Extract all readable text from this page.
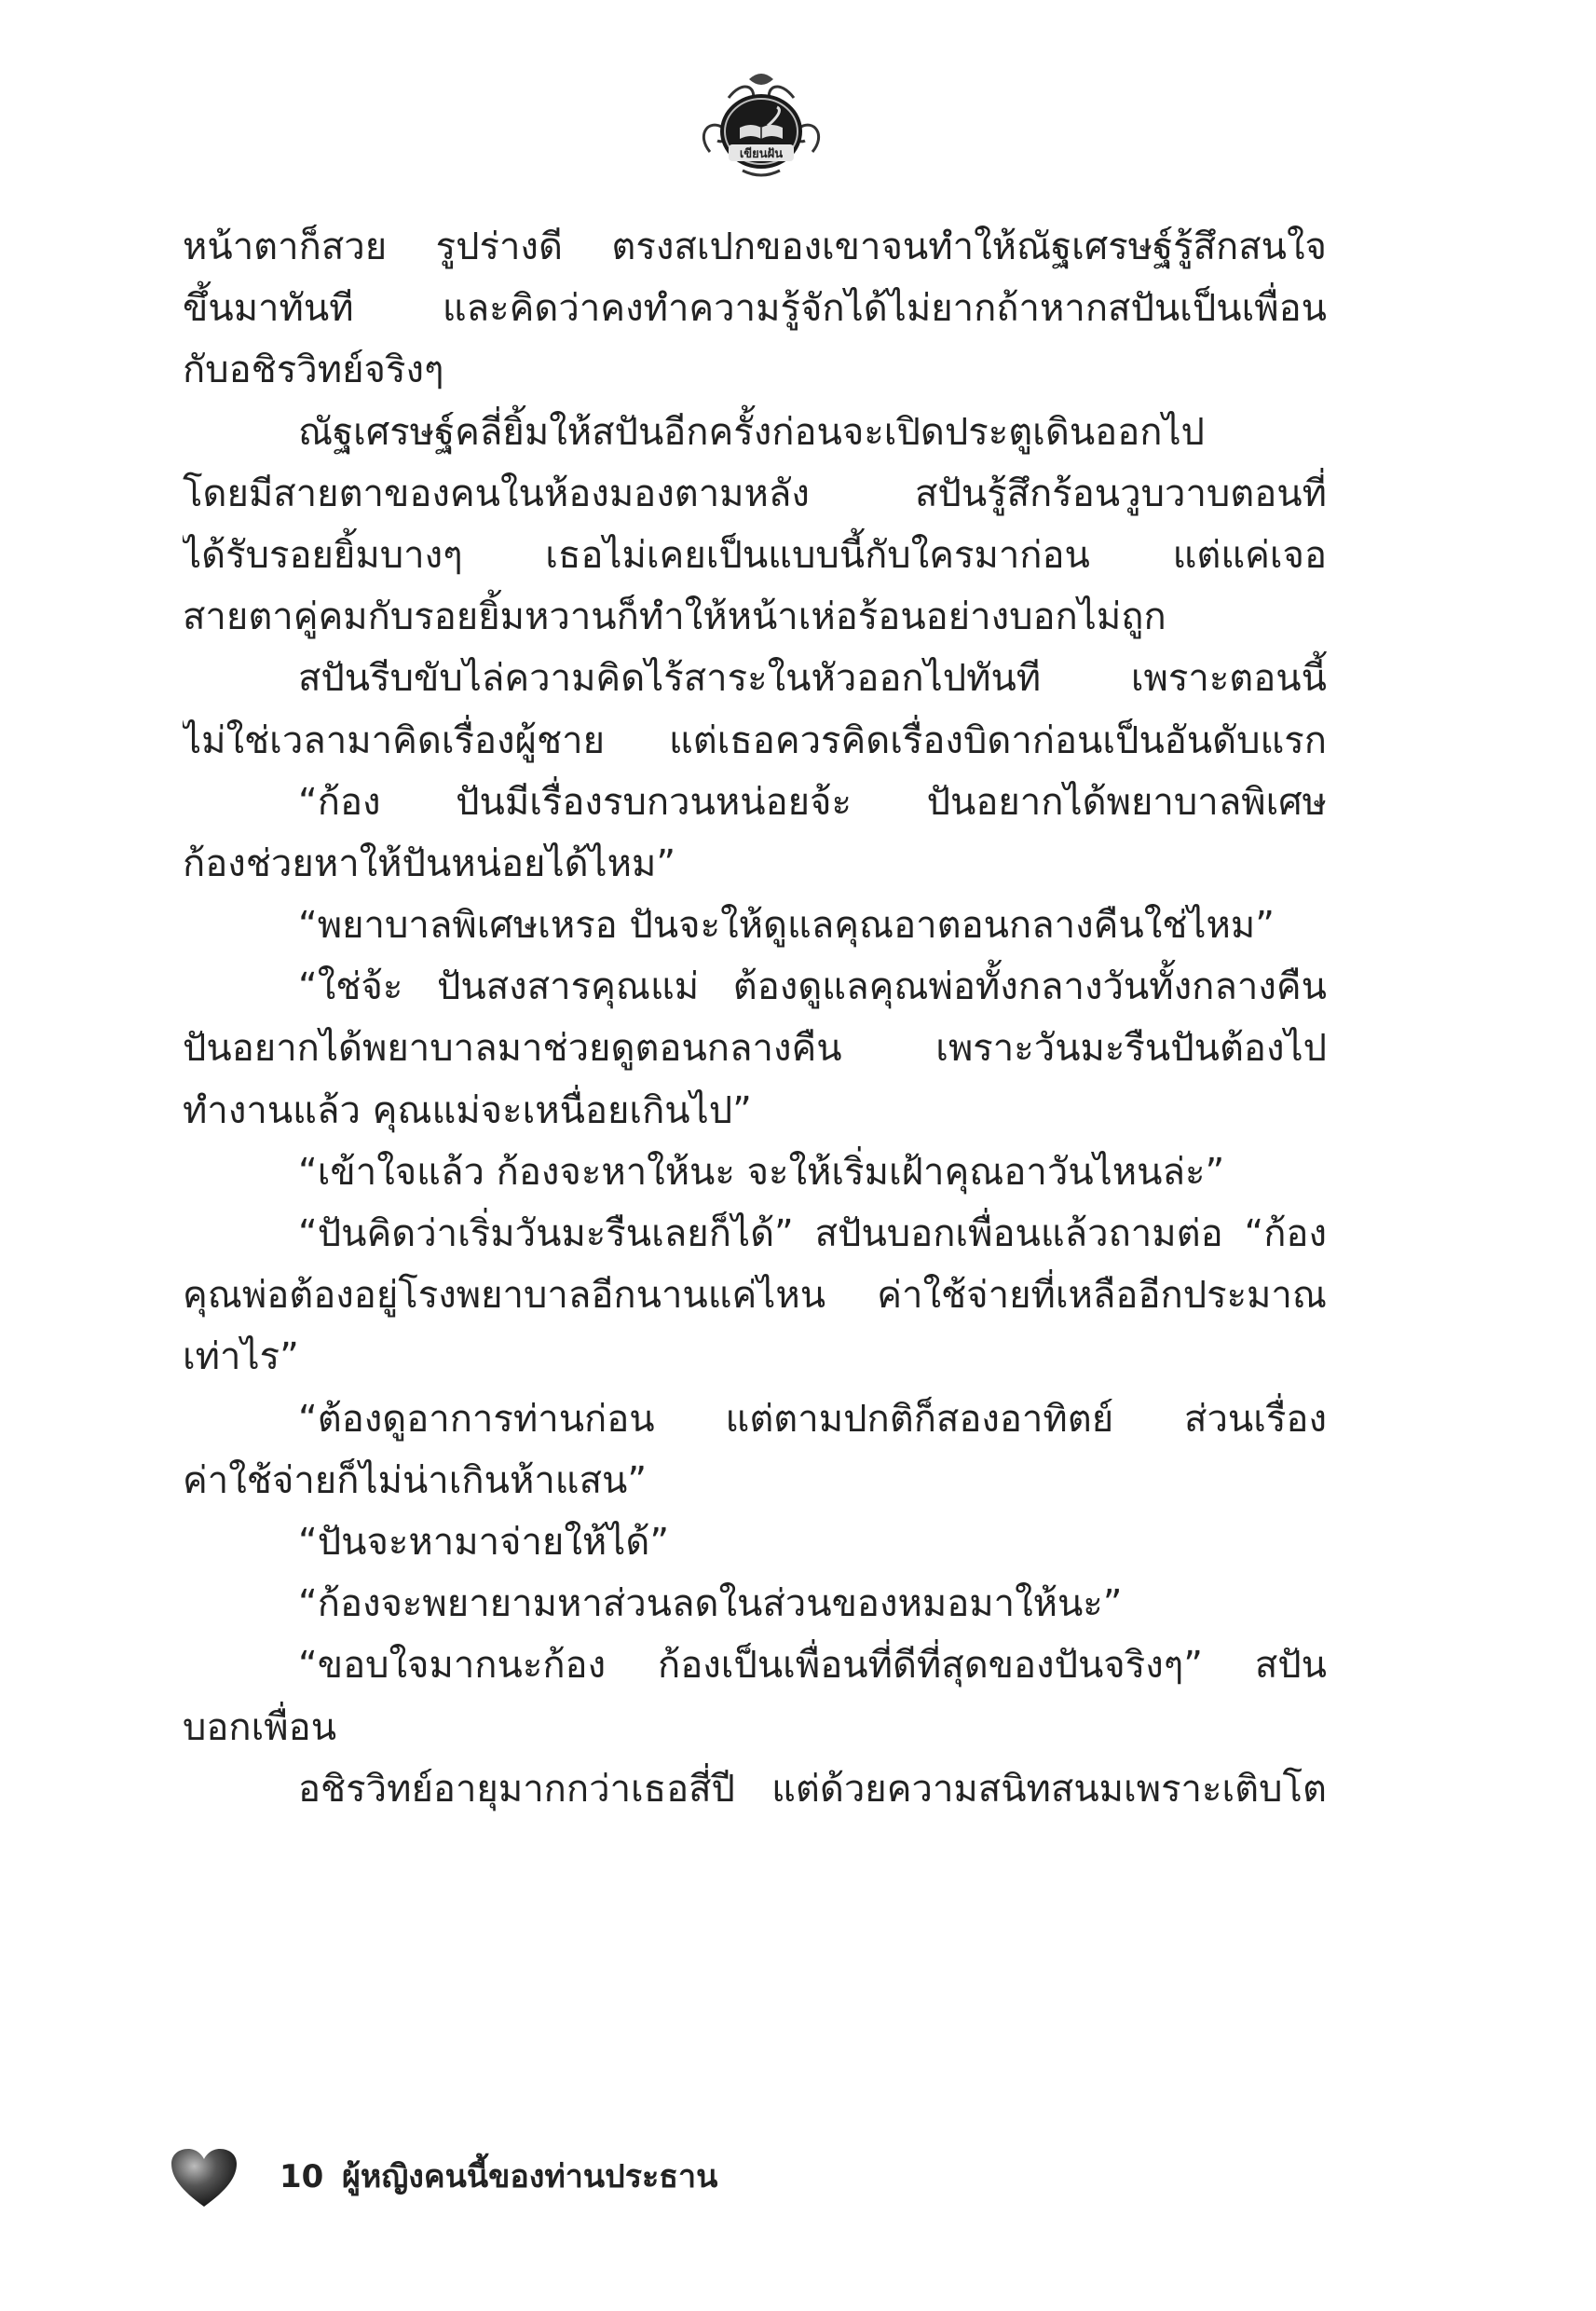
เขียนฝัน
หน้าตาก็สวย รูปร่างดี ตรงสเปกของเขาจนทำให้ณัฐเศรษฐ์รู้สึกสนใจ
ขึ้นมาทันที และคิดว่าคงทำความรู้จักได้ไม่ยากถ้าหากสปันเป็นเพื่อน
กับอชิรวิทย์จริงๆ
ณัฐเศรษฐ์คลี่ยิ้มให้สปันอีกครั้งก่อนจะเปิดประตูเดินออกไป
โดยมีสายตาของคนในห้องมองตามหลัง สปันรู้สึกร้อนวูบวาบตอนที่
ได้รับรอยยิ้มบางๆ เธอไม่เคยเป็นแบบนี้กับใครมาก่อน แต่แค่เจอ
สายตาคู่คมกับรอยยิ้มหวานก็ทำให้หน้าเห่อร้อนอย่างบอกไม่ถูก
สปันรีบขับไล่ความคิดไร้สาระในหัวออกไปทันที เพราะตอนนี้
ไม่ใช่เวลามาคิดเรื่องผู้ชาย แต่เธอควรคิดเรื่องบิดาก่อนเป็นอันดับแรก
“ก้อง ปันมีเรื่องรบกวนหน่อยจ้ะ ปันอยากได้พยาบาลพิเศษ
ก้องช่วยหาให้ปันหน่อยได้ไหม”
“พยาบาลพิเศษเหรอ ปันจะให้ดูแลคุณอาตอนกลางคืนใช่ไหม”
“ใช่จ้ะ ปันสงสารคุณแม่ ต้องดูแลคุณพ่อทั้งกลางวันทั้งกลางคืน
ปันอยากได้พยาบาลมาช่วยดูตอนกลางคืน เพราะวันมะรืนปันต้องไป
ทำงานแล้ว คุณแม่จะเหนื่อยเกินไป”
“เข้าใจแล้ว ก้องจะหาให้นะ จะให้เริ่มเฝ้าคุณอาวันไหนล่ะ”
“ปันคิดว่าเริ่มวันมะรืนเลยก็ได้” สปันบอกเพื่อนแล้วถามต่อ “ก้อง
คุณพ่อต้องอยู่โรงพยาบาลอีกนานแค่ไหน ค่าใช้จ่ายที่เหลืออีกประมาณ
เท่าไร”
“ต้องดูอาการท่านก่อน แต่ตามปกติก็สองอาทิตย์ ส่วนเรื่อง
ค่าใช้จ่ายก็ไม่น่าเกินห้าแสน”
“ปันจะหามาจ่ายให้ได้”
“ก้องจะพยายามหาส่วนลดในส่วนของหมอมาให้นะ”
“ขอบใจมากนะก้อง ก้องเป็นเพื่อนที่ดีที่สุดของปันจริงๆ” สปัน
บอกเพื่อน
อชิรวิทย์อายุมากกว่าเธอสี่ปี แต่ด้วยความสนิทสนมเพราะเติบโต
10 ผู้หญิงคนนี้ของท่านประธาน
